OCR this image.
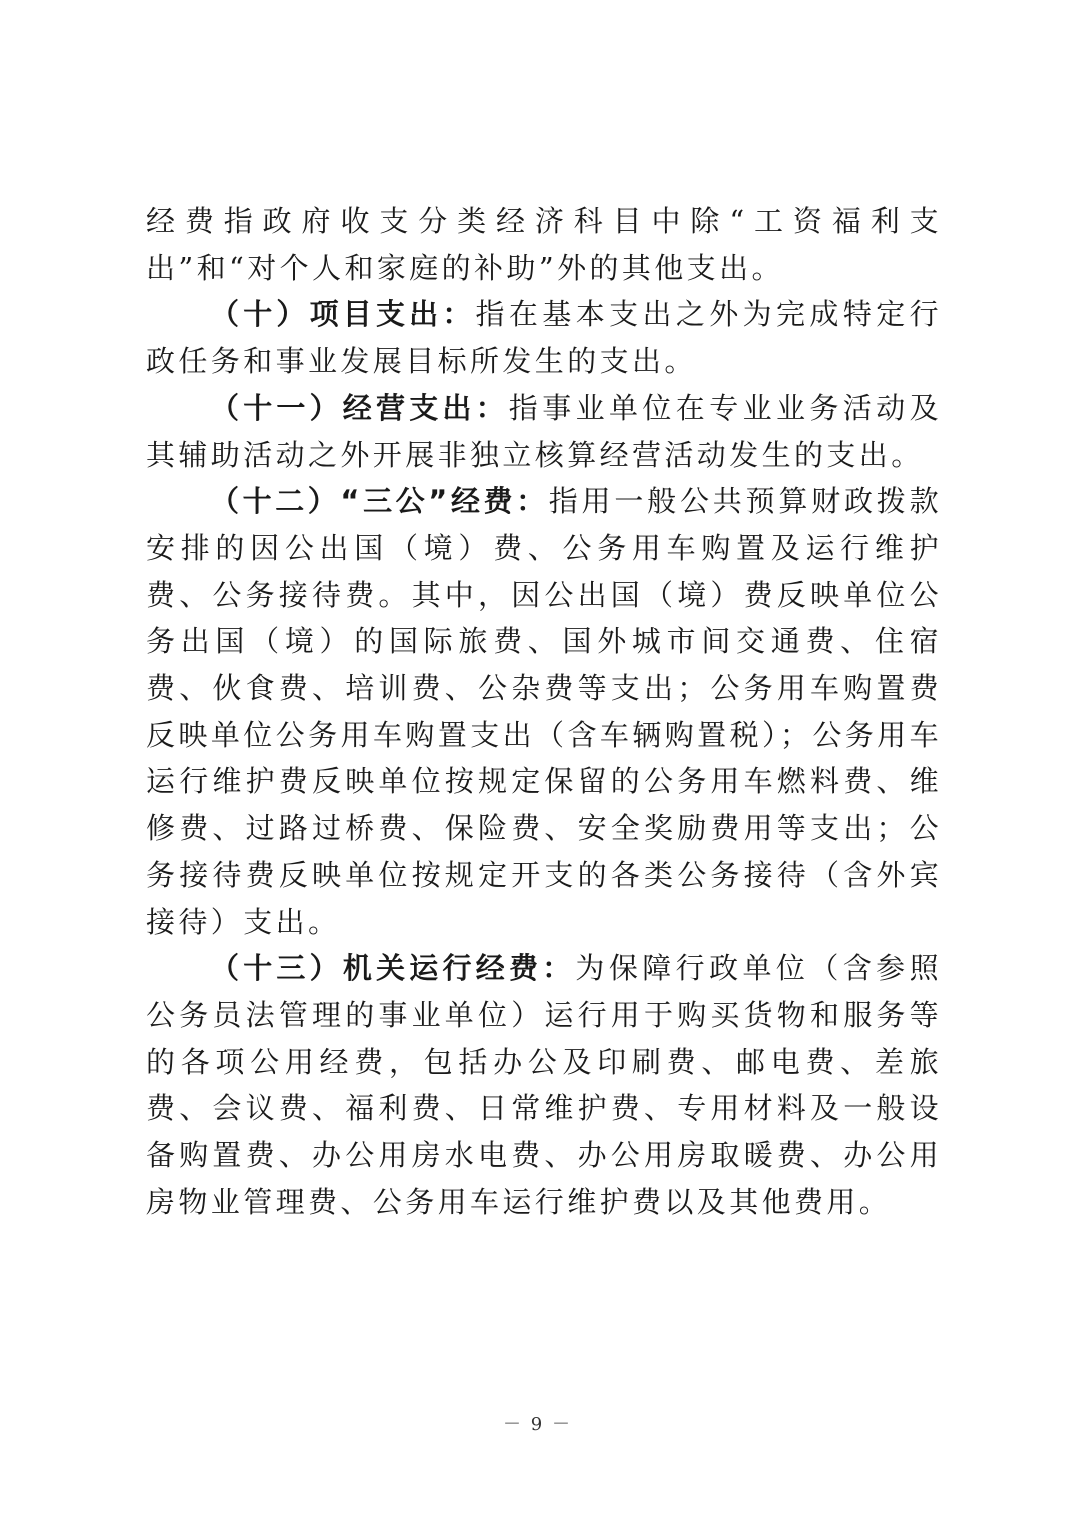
经费指政府收支分类经济科目中除“工资福利支出”和“对个人和家庭的补助”外的其他支出。

（十）项目支出：指在基本支出之外为完成特定行政任务和事业发展目标所发生的支出。

（十一）经营支出：指事业单位在专业业务活动及其辅助活动之外开展非独立核算经营活动发生的支出。

（十二）“三公”经费：指用一般公共预算财政拨款安排的因公出国（境）费、公务用车购置及运行维护费、公务接待费。其中，因公出国（境）费反映单位公务出国（境）的国际旅费、国外城市间交通费、住宿费、伙食费、培训费、公杂费等支出；公务用车购置费反映单位公务用车购置支出（含车辆购置税）；公务用车运行维护费反映单位按规定保留的公务用车燃料费、维修费、过路过桥费、保险费、安全奖励费用等支出；公务接待费反映单位按规定开支的各类公务接待（含外宾接待）支出。

（十三）机关运行经费：为保障行政单位（含参照公务员法管理的事业单位）运行用于购买货物和服务等的各项公用经费，包括办公及印刷费、邮电费、差旅费、会议费、福利费、日常维护费、专用材料及一般设备购置费、办公用房水电费、办公用房取暖费、办公用房物业管理费、公务用车运行维护费以及其他费用。

－ 9 －
